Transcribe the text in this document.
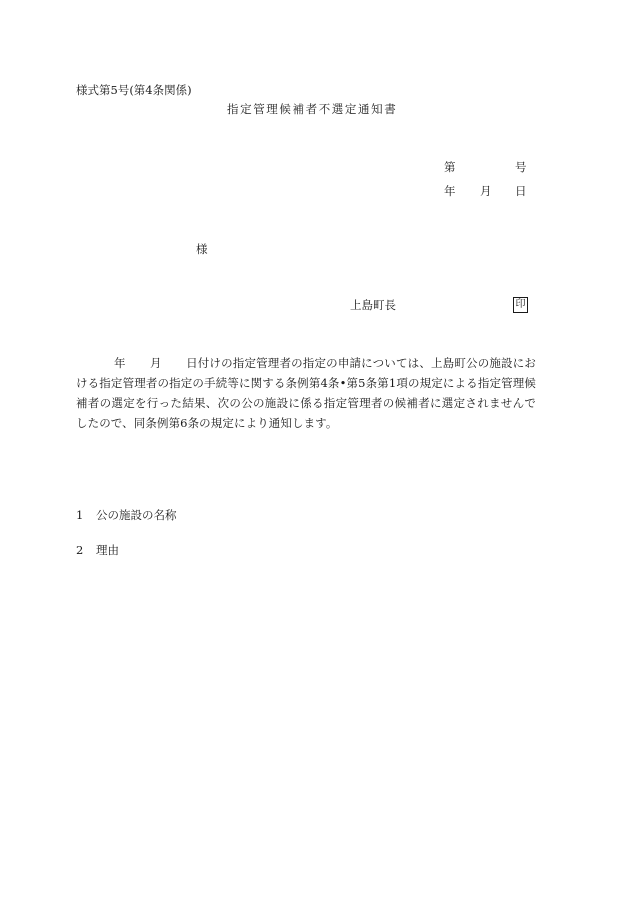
様式第5号(第4条関係)
指定管理候補者不選定通知書
第	号
年 月 日
様
上島町長	印
年 月 日付けの指定管理者の指定の申請については、上島町公の施設における指定管理者の指定の手続等に関する条例第4条•第5条第1項の規定による指定管理候補者の選定を行った結果、次の公の施設に係る指定管理者の候補者に選定されませんでしたので、同条例第6条の規定により通知します。
1 公の施設の名称
2 理由
